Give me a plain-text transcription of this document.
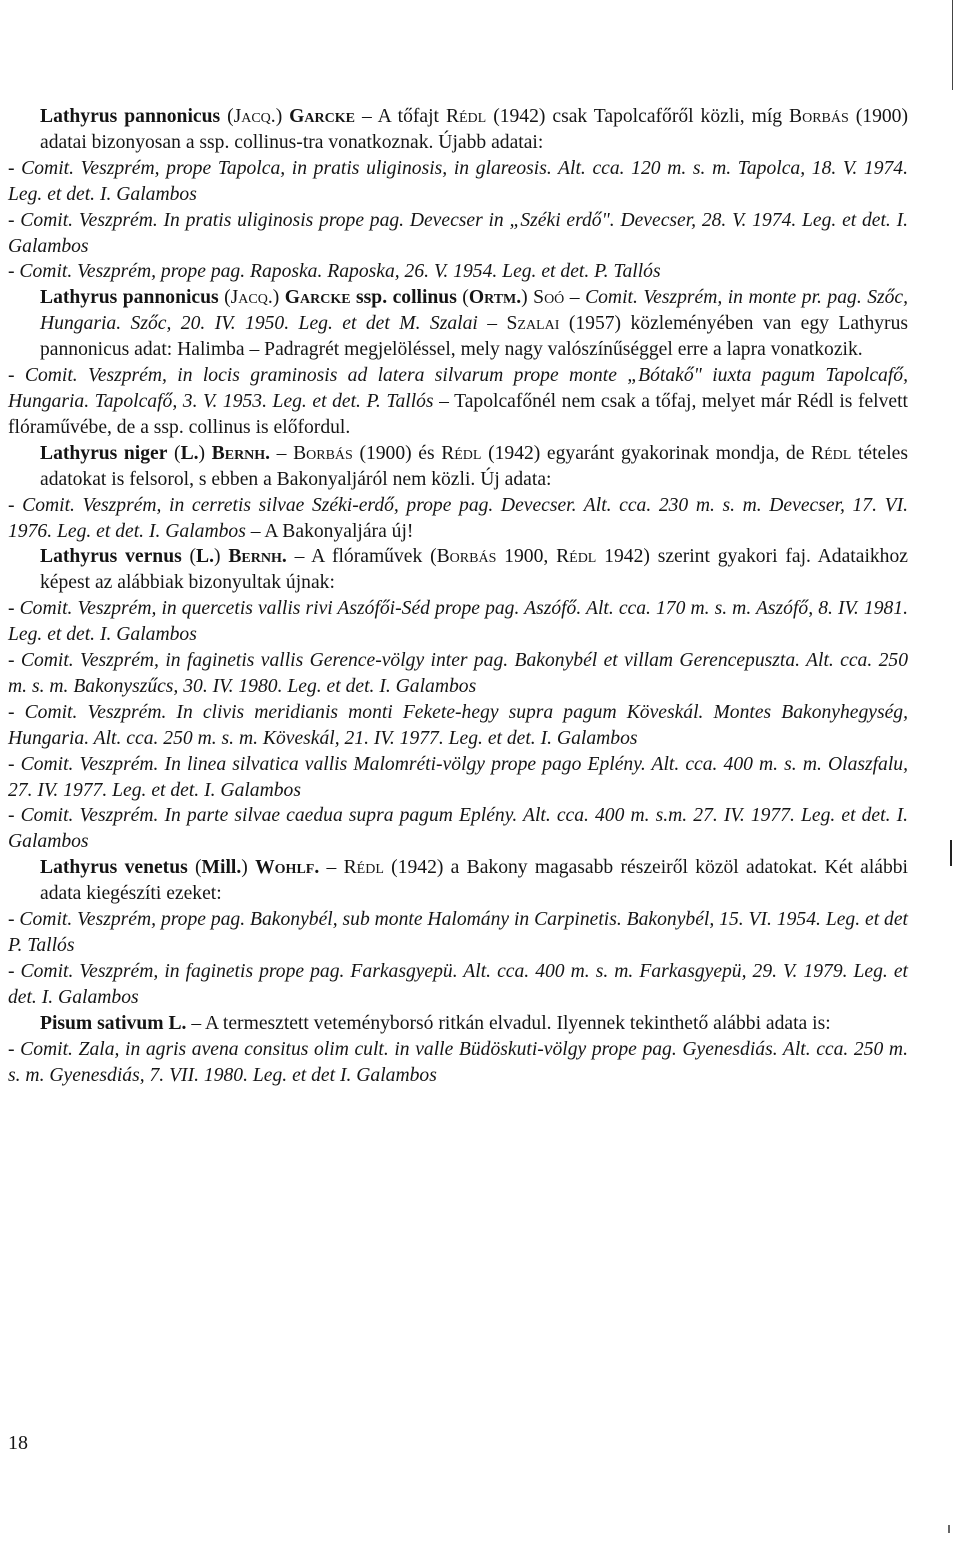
Lathyrus pannonicus (Jacq.) Garcke – A tőfajt Rédl (1942) csak Tapolcafőről közli, míg Borbás (1900) adatai bizonyosan a ssp. collinus-tra vonatkoznak. Újabb adatai:
- Comit. Veszprém, prope Tapolca, in pratis uliginosis, in glareosis. Alt. cca. 120 m. s. m. Tapolca, 18. V. 1974. Leg. et det. I. Galambos
- Comit. Veszprém. In pratis uliginosis prope pag. Devecser in „Széki erdő". Devecser, 28. V. 1974. Leg. et det. I. Galambos
- Comit. Veszprém, prope pag. Raposka. Raposka, 26. V. 1954. Leg. et det. P. Tallós
Lathyrus pannonicus (Jacq.) Garcke ssp. collinus (Ortm.) Soó – Comit. Veszprém, in monte pr. pag. Szőc, Hungaria. Szőc, 20. IV. 1950. Leg. et det M. Szalai – Szalai (1957) közleményében van egy Lathyrus pannonicus adat: Halimba – Padragrét megjelöléssel, mely nagy valószínűséggel erre a lapra vonatkozik.
- Comit. Veszprém, in locis graminosis ad latera silvarum prope monte „Bótakő" iuxta pagum Tapolcafő, Hungaria. Tapolcafő, 3. V. 1953. Leg. et det. P. Tallós – Tapolcafőnél nem csak a tőfaj, melyet már Rédl is felvett flóraművébe, de a ssp. collinus is előfordul.
Lathyrus niger (L.) Bernh. – Borbás (1900) és Rédl (1942) egyaránt gyakorinak mondja, de Rédl tételes adatokat is felsorol, s ebben a Bakonyaljáról nem közli. Új adata:
- Comit. Veszprém, in cerretis silvae Széki-erdő, prope pag. Devecser. Alt. cca. 230 m. s. m. Devecser, 17. VI. 1976. Leg. et det. I. Galambos – A Bakonyaljára új!
Lathyrus vernus (L.) Bernh. – A flóraművek (Borbás 1900, Rédl 1942) szerint gyakori faj. Adataikhoz képest az alábbiak bizonyultak újnak:
- Comit. Veszprém, in quercetis vallis rivi Aszófői-Séd prope pag. Aszófő. Alt. cca. 170 m. s. m. Aszófő, 8. IV. 1981. Leg. et det. I. Galambos
- Comit. Veszprém, in faginetis vallis Gerence-völgy inter pag. Bakonybél et villam Gerencepuszta. Alt. cca. 250 m. s. m. Bakonyszűcs, 30. IV. 1980. Leg. et det. I. Galambos
- Comit. Veszprém. In clivis meridianis monti Fekete-hegy supra pagum Köveskál. Montes Bakonyhegység, Hungaria. Alt. cca. 250 m. s. m. Köveskál, 21. IV. 1977. Leg. et det. I. Galambos
- Comit. Veszprém. In linea silvatica vallis Malomréti-völgy prope pago Eplény. Alt. cca. 400 m. s. m. Olaszfalu, 27. IV. 1977. Leg. et det. I. Galambos
- Comit. Veszprém. In parte silvae caedua supra pagum Eplény. Alt. cca. 400 m. s.m. 27. IV. 1977. Leg. et det. I. Galambos
Lathyrus venetus (Mill.) Wohlf. – Rédl (1942) a Bakony magasabb részeiről közöl adatokat. Két alábbi adata kiegészíti ezeket:
- Comit. Veszprém, prope pag. Bakonybél, sub monte Halomány in Carpinetis. Bakonybél, 15. VI. 1954. Leg. et det P. Tallós
- Comit. Veszprém, in faginetis prope pag. Farkasgyepü. Alt. cca. 400 m. s. m. Farkasgyepü, 29. V. 1979. Leg. et det. I. Galambos
Pisum sativum L. – A termesztett veteményborsó ritkán elvadul. Ilyennek tekinthető alábbi adata is:
- Comit. Zala, in agris avena consitus olim cult. in valle Büdöskuti-völgy prope pag. Gyenesdiás. Alt. cca. 250 m. s. m. Gyenesdiás, 7. VII. 1980. Leg. et det I. Galambos
18
